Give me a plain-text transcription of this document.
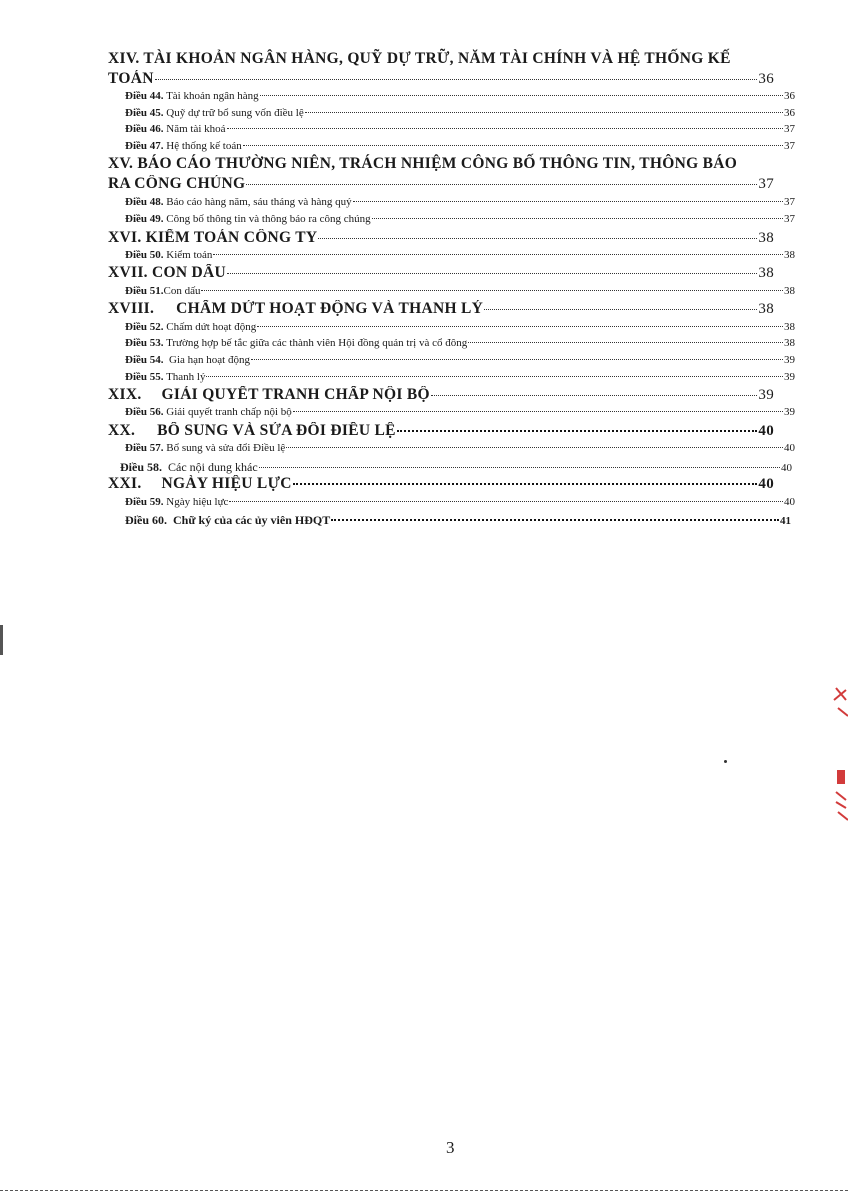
XIV. TÀI KHOẢN NGÂN HÀNG, QUỸ DỰ TRỮ, NĂM TÀI CHÍNH VÀ HỆ THỐNG KẾ
TOÁN	36
Điều 44. Tài khoản ngân hàng	36
Điều 45. Quỹ dự trữ bổ sung vốn điều lệ	36
Điều 46. Năm tài khoá	37
Điều 47. Hệ thống kế toán	37
XV. BÁO CÁO THƯỜNG NIÊN, TRÁCH NHIỆM CÔNG BỐ THÔNG TIN, THÔNG BÁO
RA CÔNG CHÚNG	37
Điều 48. Báo cáo hàng năm, sáu tháng và hàng quý	37
Điều 49. Công bố thông tin và thông báo ra công chúng	37
XVI. KIỂM TOÁN CÔNG TY	38
Điều 50. Kiểm toán	38
XVII. CON DẤU	38
Điều 51.Con dấu	38
XVIII. CHẤM DỨT HOẠT ĐỘNG VÀ THANH LÝ	38
Điều 52. Chấm dứt hoạt động	38
Điều 53. Trường hợp bế tắc giữa các thành viên Hội đồng quản trị và cổ đông	38
Điều 54. Gia hạn hoạt động	39
Điều 55. Thanh lý	39
XIX. GIẢI QUYẾT TRANH CHẤP NỘI BỘ	39
Điều 56. Giải quyết tranh chấp nội bộ	39
XX. BỔ SUNG VÀ SỬA ĐỔI ĐIỀU LỆ	40
Điều 57. Bổ sung và sửa đổi Điều lệ	40
Điều 58. Các nội dung khác	40
XXI. NGÀY HIỆU LỰC	40
Điều 59. Ngày hiệu lực	40
Điều 60. Chữ ký của các ủy viên HĐQT	41
3
